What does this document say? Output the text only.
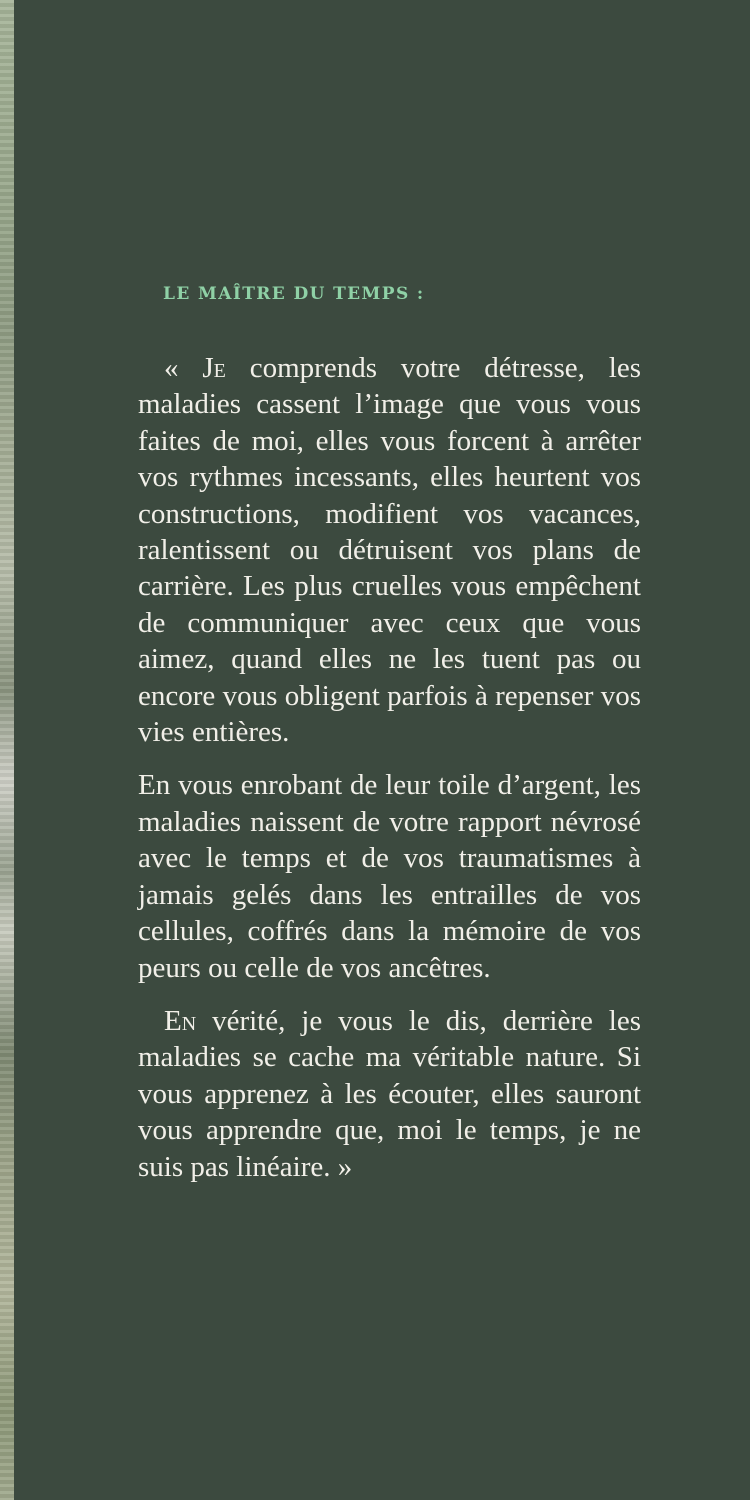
LE MAÎTRE DU TEMPS :

« Je comprends votre détresse, les maladies cassent l’image que vous vous faites de moi, elles vous forcent à arrêter vos rythmes incessants, elles heurtent vos constructions, modifient vos vacances, ralentissent ou détruisent vos plans de carrière. Les plus cruelles vous empêchent de communiquer avec ceux que vous aimez, quand elles ne les tuent pas ou encore vous obligent parfois à repenser vos vies entières.

En vous enrobant de leur toile d’argent, les maladies naissent de votre rapport névrosé avec le temps et de vos traumatismes à jamais gelés dans les entrailles de vos cellules, coffrés dans la mémoire de vos peurs ou celle de vos ancêtres.

En vérité, je vous le dis, derrière les maladies se cache ma véritable nature. Si vous apprenez à les écouter, elles sauront vous apprendre que, moi le temps, je ne suis pas linéaire. »
